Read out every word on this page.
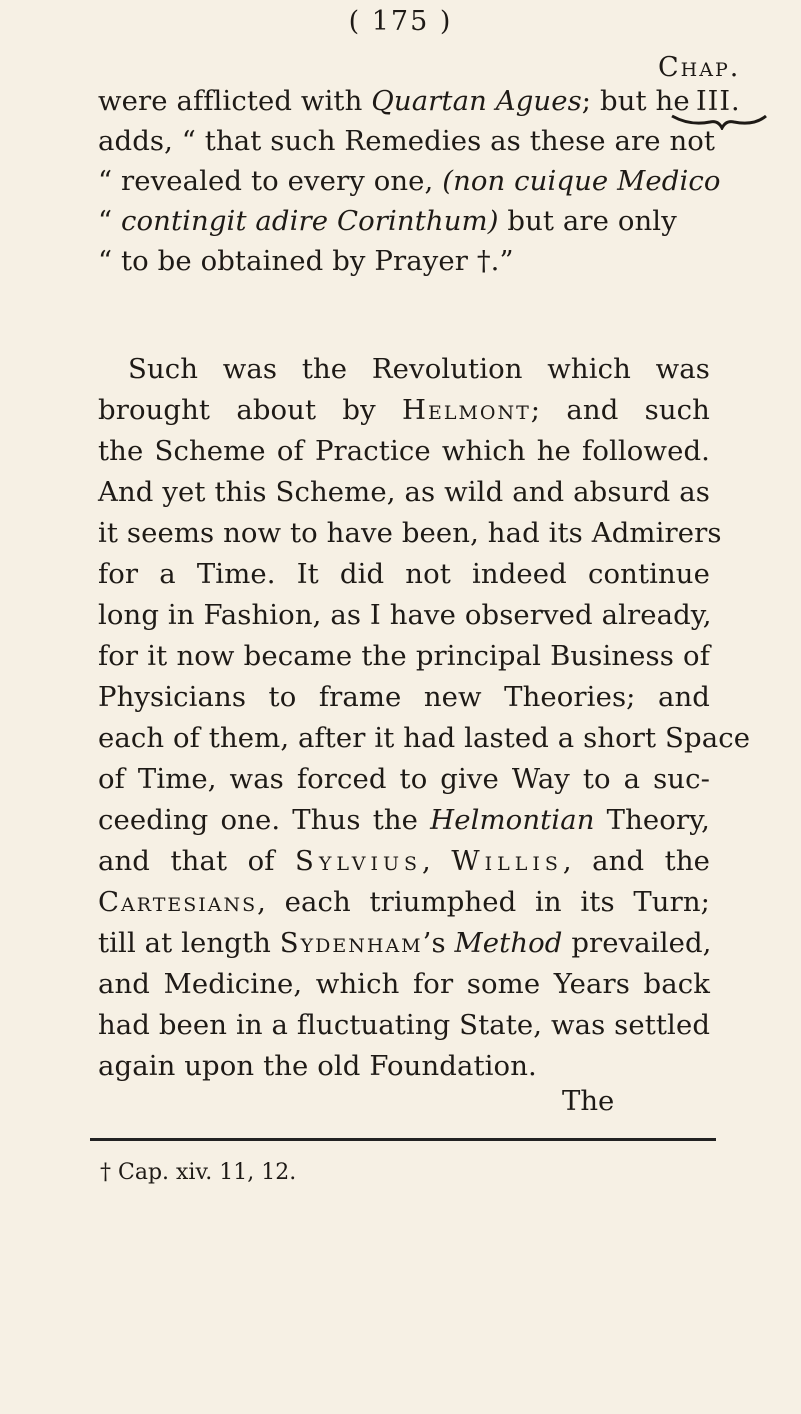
( 175 )
Chap.
III.
were afflicted with Quartan Agues; but he
adds, “ that such Remedies as these are not
“ revealed to every one, (non cuique Medico
“ contingit adire Corinthum) but are only
“ to be obtained by Prayer †.”
Such was the Revolution which was
brought about by Helmont; and such
the Scheme of Practice which he followed.
And yet this Scheme, as wild and absurd as
it seems now to have been, had its Admirers
for a Time. It did not indeed continue
long in Fashion, as I have observed already,
for it now became the principal Business of
Physicians to frame new Theories; and
each of them, after it had lasted a short Space
of Time, was forced to give Way to a suc-
ceeding one. Thus the Helmontian Theory,
and that of Sylvius, Willis, and the
Cartesians, each triumphed in its Turn;
till at length Sydenham’s Method prevailed,
and Medicine, which for some Years back
had been in a fluctuating State, was settled
again upon the old Foundation.
The
† Cap. xiv. 11, 12.
